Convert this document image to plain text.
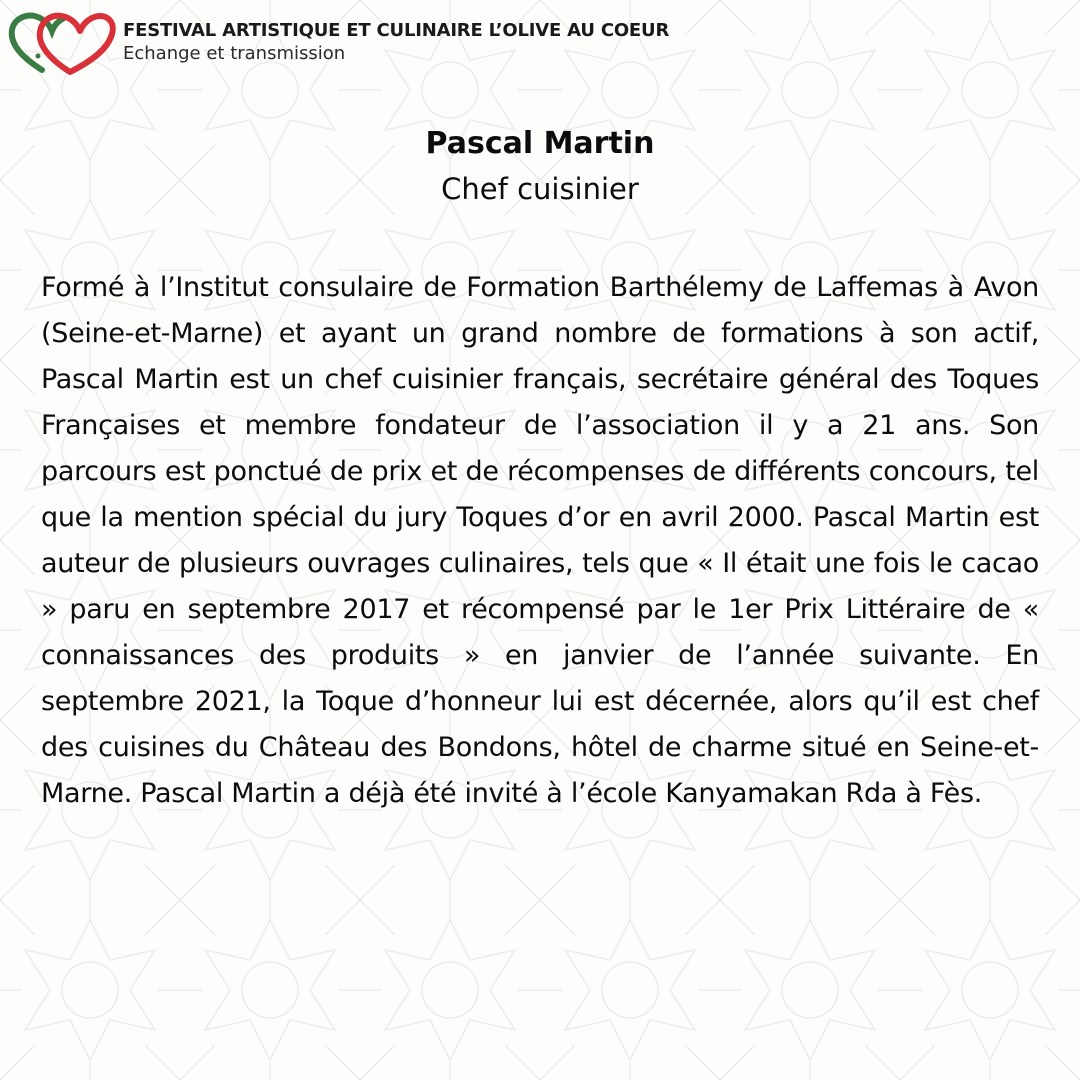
FESTIVAL ARTISTIQUE ET CULINAIRE L’OLIVE AU COEUR
Echange et transmission
Pascal Martin
Chef cuisinier

Formé à l’Institut consulaire de Formation Barthélemy de Laffemas à Avon (Seine-et-Marne) et ayant un grand nombre de formations à son actif, Pascal Martin est un chef cuisinier français, secrétaire général des Toques Françaises et membre fondateur de l’association il y a 21 ans. Son parcours est ponctué de prix et de récompenses de différents concours, tel que la mention spécial du jury Toques d’or en avril 2000. Pascal Martin est auteur de plusieurs ouvrages culinaires, tels que « Il était une fois le cacao » paru en septembre 2017 et récompensé par le 1er Prix Littéraire de « connaissances des produits » en janvier de l’année suivante. En septembre 2021, la Toque d’honneur lui est décernée, alors qu’il est chef des cuisines du Château des Bondons, hôtel de charme situé en Seine-et-Marne. Pascal Martin a déjà été invité à l’école Kanyamakan Rda à Fès.
